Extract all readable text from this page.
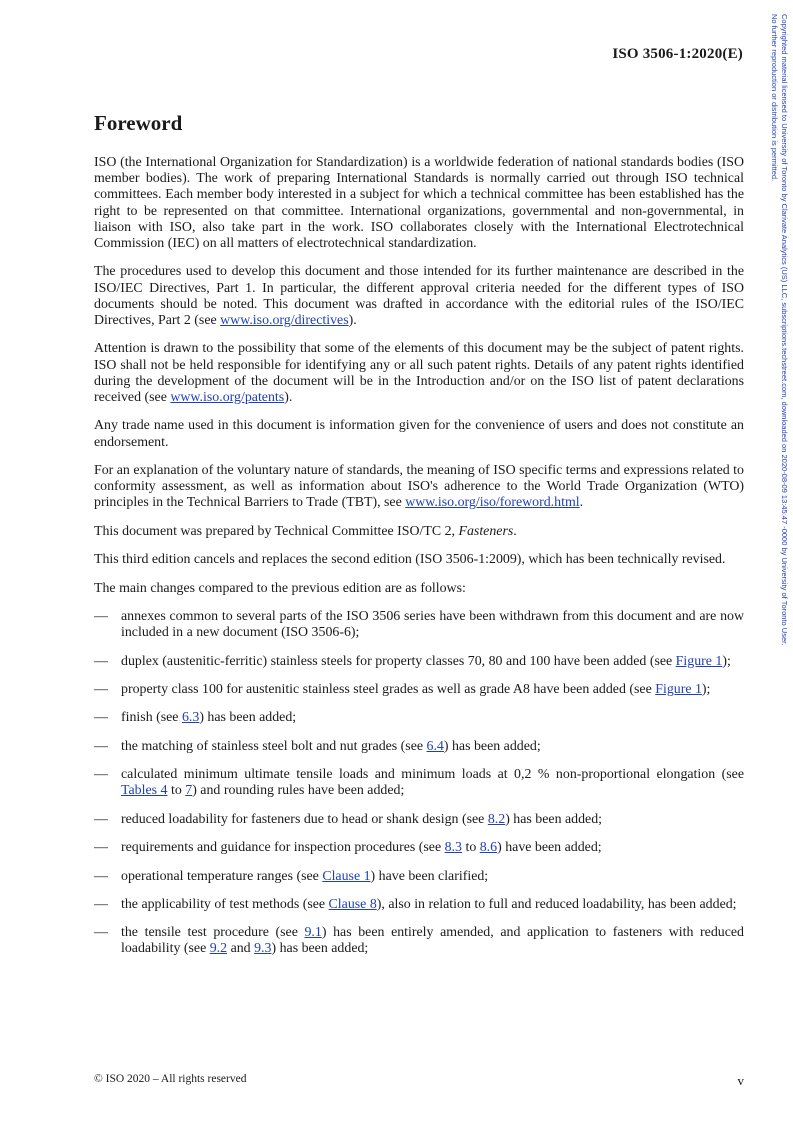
ISO 3506-1:2020(E)	Copyrighted material licensed to University of Toronto by Clarivate Analytics (US) LLC, subscriptions.techstreet.com, downloaded on 2020-08-09 13:45:47 -0000 by University of Toronto User.
No further reproduction or distribution is permitted.
Foreword

ISO (the International Organization for Standardization) is a worldwide federation of national standards bodies (ISO member bodies). The work of preparing International Standards is normally carried out through ISO technical committees. Each member body interested in a subject for which a technical committee has been established has the right to be represented on that committee. International organizations, governmental and non-governmental, in liaison with ISO, also take part in the work. ISO collaborates closely with the International Electrotechnical Commission (IEC) on all matters of electrotechnical standardization.

The procedures used to develop this document and those intended for its further maintenance are described in the ISO/IEC Directives, Part 1. In particular, the different approval criteria needed for the different types of ISO documents should be noted. This document was drafted in accordance with the editorial rules of the ISO/IEC Directives, Part 2 (see www.iso.org/directives).

Attention is drawn to the possibility that some of the elements of this document may be the subject of patent rights. ISO shall not be held responsible for identifying any or all such patent rights. Details of any patent rights identified during the development of the document will be in the Introduction and/or on the ISO list of patent declarations received (see www.iso.org/patents).

Any trade name used in this document is information given for the convenience of users and does not constitute an endorsement.

For an explanation of the voluntary nature of standards, the meaning of ISO specific terms and expressions related to conformity assessment, as well as information about ISO's adherence to the World Trade Organization (WTO) principles in the Technical Barriers to Trade (TBT), see www.iso.org/iso/foreword.html.

This document was prepared by Technical Committee ISO/TC 2, Fasteners.

This third edition cancels and replaces the second edition (ISO 3506-1:2009), which has been technically revised.

The main changes compared to the previous edition are as follows:

— annexes common to several parts of the ISO 3506 series have been withdrawn from this document and are now included in a new document (ISO 3506-6);
— duplex (austenitic-ferritic) stainless steels for property classes 70, 80 and 100 have been added (see Figure 1);
— property class 100 for austenitic stainless steel grades as well as grade A8 have been added (see Figure 1);
— finish (see 6.3) has been added;
— the matching of stainless steel bolt and nut grades (see 6.4) has been added;
— calculated minimum ultimate tensile loads and minimum loads at 0,2 % non-proportional elongation (see Tables 4 to 7) and rounding rules have been added;
— reduced loadability for fasteners due to head or shank design (see 8.2) has been added;
— requirements and guidance for inspection procedures (see 8.3 to 8.6) have been added;
— operational temperature ranges (see Clause 1) have been clarified;
— the applicability of test methods (see Clause 8), also in relation to full and reduced loadability, has been added;
— the tensile test procedure (see 9.1) has been entirely amended, and application to fasteners with reduced loadability (see 9.2 and 9.3) has been added;
© ISO 2020 – All rights reserved	v
